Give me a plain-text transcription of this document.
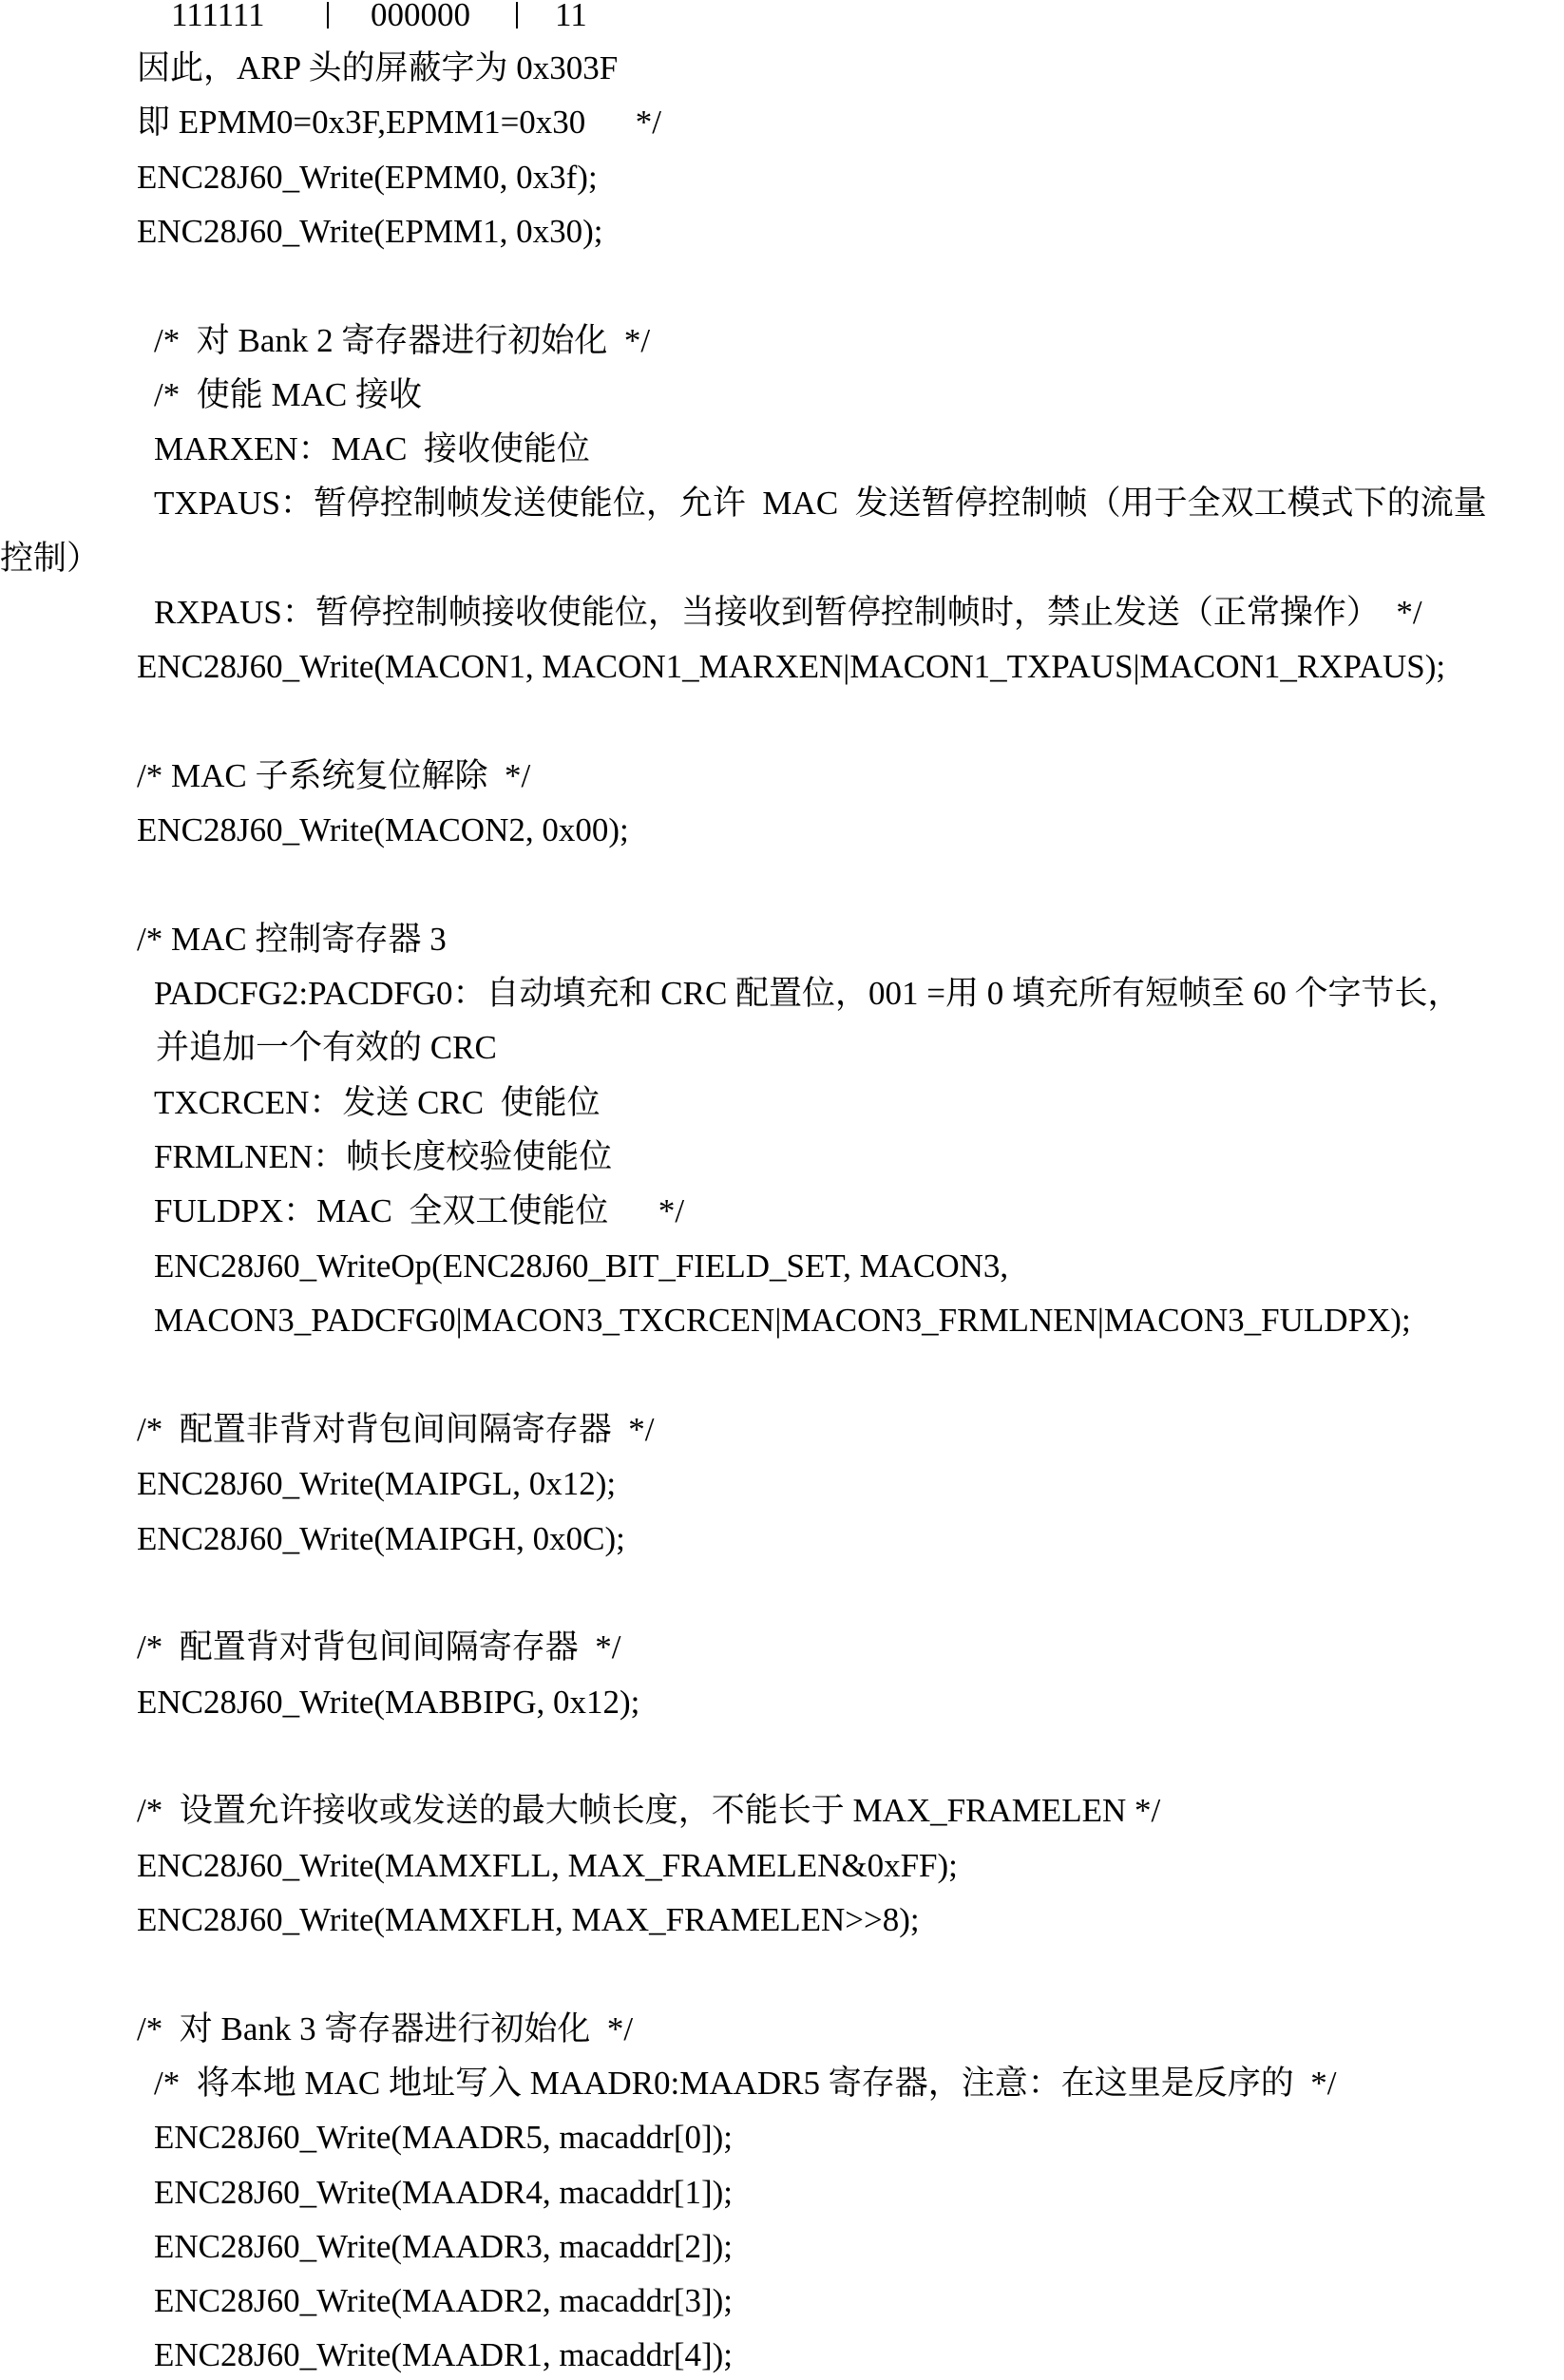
111111	000000	11
因此，ARP 头的屏蔽字为 0x303F
即 EPMM0=0x3F,EPMM1=0x30      */
ENC28J60_Write(EPMM0, 0x3f);
ENC28J60_Write(EPMM1, 0x30);
/*  对 Bank 2 寄存器进行初始化  */
/*  使能 MAC 接收
MARXEN：MAC  接收使能位
TXPAUS：暂停控制帧发送使能位，允许  MAC  发送暂停控制帧（用于全双工模式下的流量
控制）
RXPAUS：暂停控制帧接收使能位，当接收到暂停控制帧时，禁止发送（正常操作）  */
ENC28J60_Write(MACON1, MACON1_MARXEN|MACON1_TXPAUS|MACON1_RXPAUS);
/* MAC 子系统复位解除  */
ENC28J60_Write(MACON2, 0x00);
/* MAC 控制寄存器 3
PADCFG2:PACDFG0：自动填充和 CRC 配置位，001 =用 0 填充所有短帧至 60 个字节长，
并追加一个有效的 CRC
TXCRCEN：发送 CRC  使能位
FRMLNEN：帧长度校验使能位
FULDPX：MAC  全双工使能位      */
ENC28J60_WriteOp(ENC28J60_BIT_FIELD_SET, MACON3,
MACON3_PADCFG0|MACON3_TXCRCEN|MACON3_FRMLNEN|MACON3_FULDPX);
/*  配置非背对背包间间隔寄存器  */
ENC28J60_Write(MAIPGL, 0x12);
ENC28J60_Write(MAIPGH, 0x0C);
/*  配置背对背包间间隔寄存器  */
ENC28J60_Write(MABBIPG, 0x12);
/*  设置允许接收或发送的最大帧长度，不能长于 MAX_FRAMELEN */
ENC28J60_Write(MAMXFLL, MAX_FRAMELEN&0xFF);
ENC28J60_Write(MAMXFLH, MAX_FRAMELEN>>8);
/*  对 Bank 3 寄存器进行初始化  */
/*  将本地 MAC 地址写入 MAADR0:MAADR5 寄存器，注意：在这里是反序的  */
ENC28J60_Write(MAADR5, macaddr[0]);
ENC28J60_Write(MAADR4, macaddr[1]);
ENC28J60_Write(MAADR3, macaddr[2]);
ENC28J60_Write(MAADR2, macaddr[3]);
ENC28J60_Write(MAADR1, macaddr[4]);
